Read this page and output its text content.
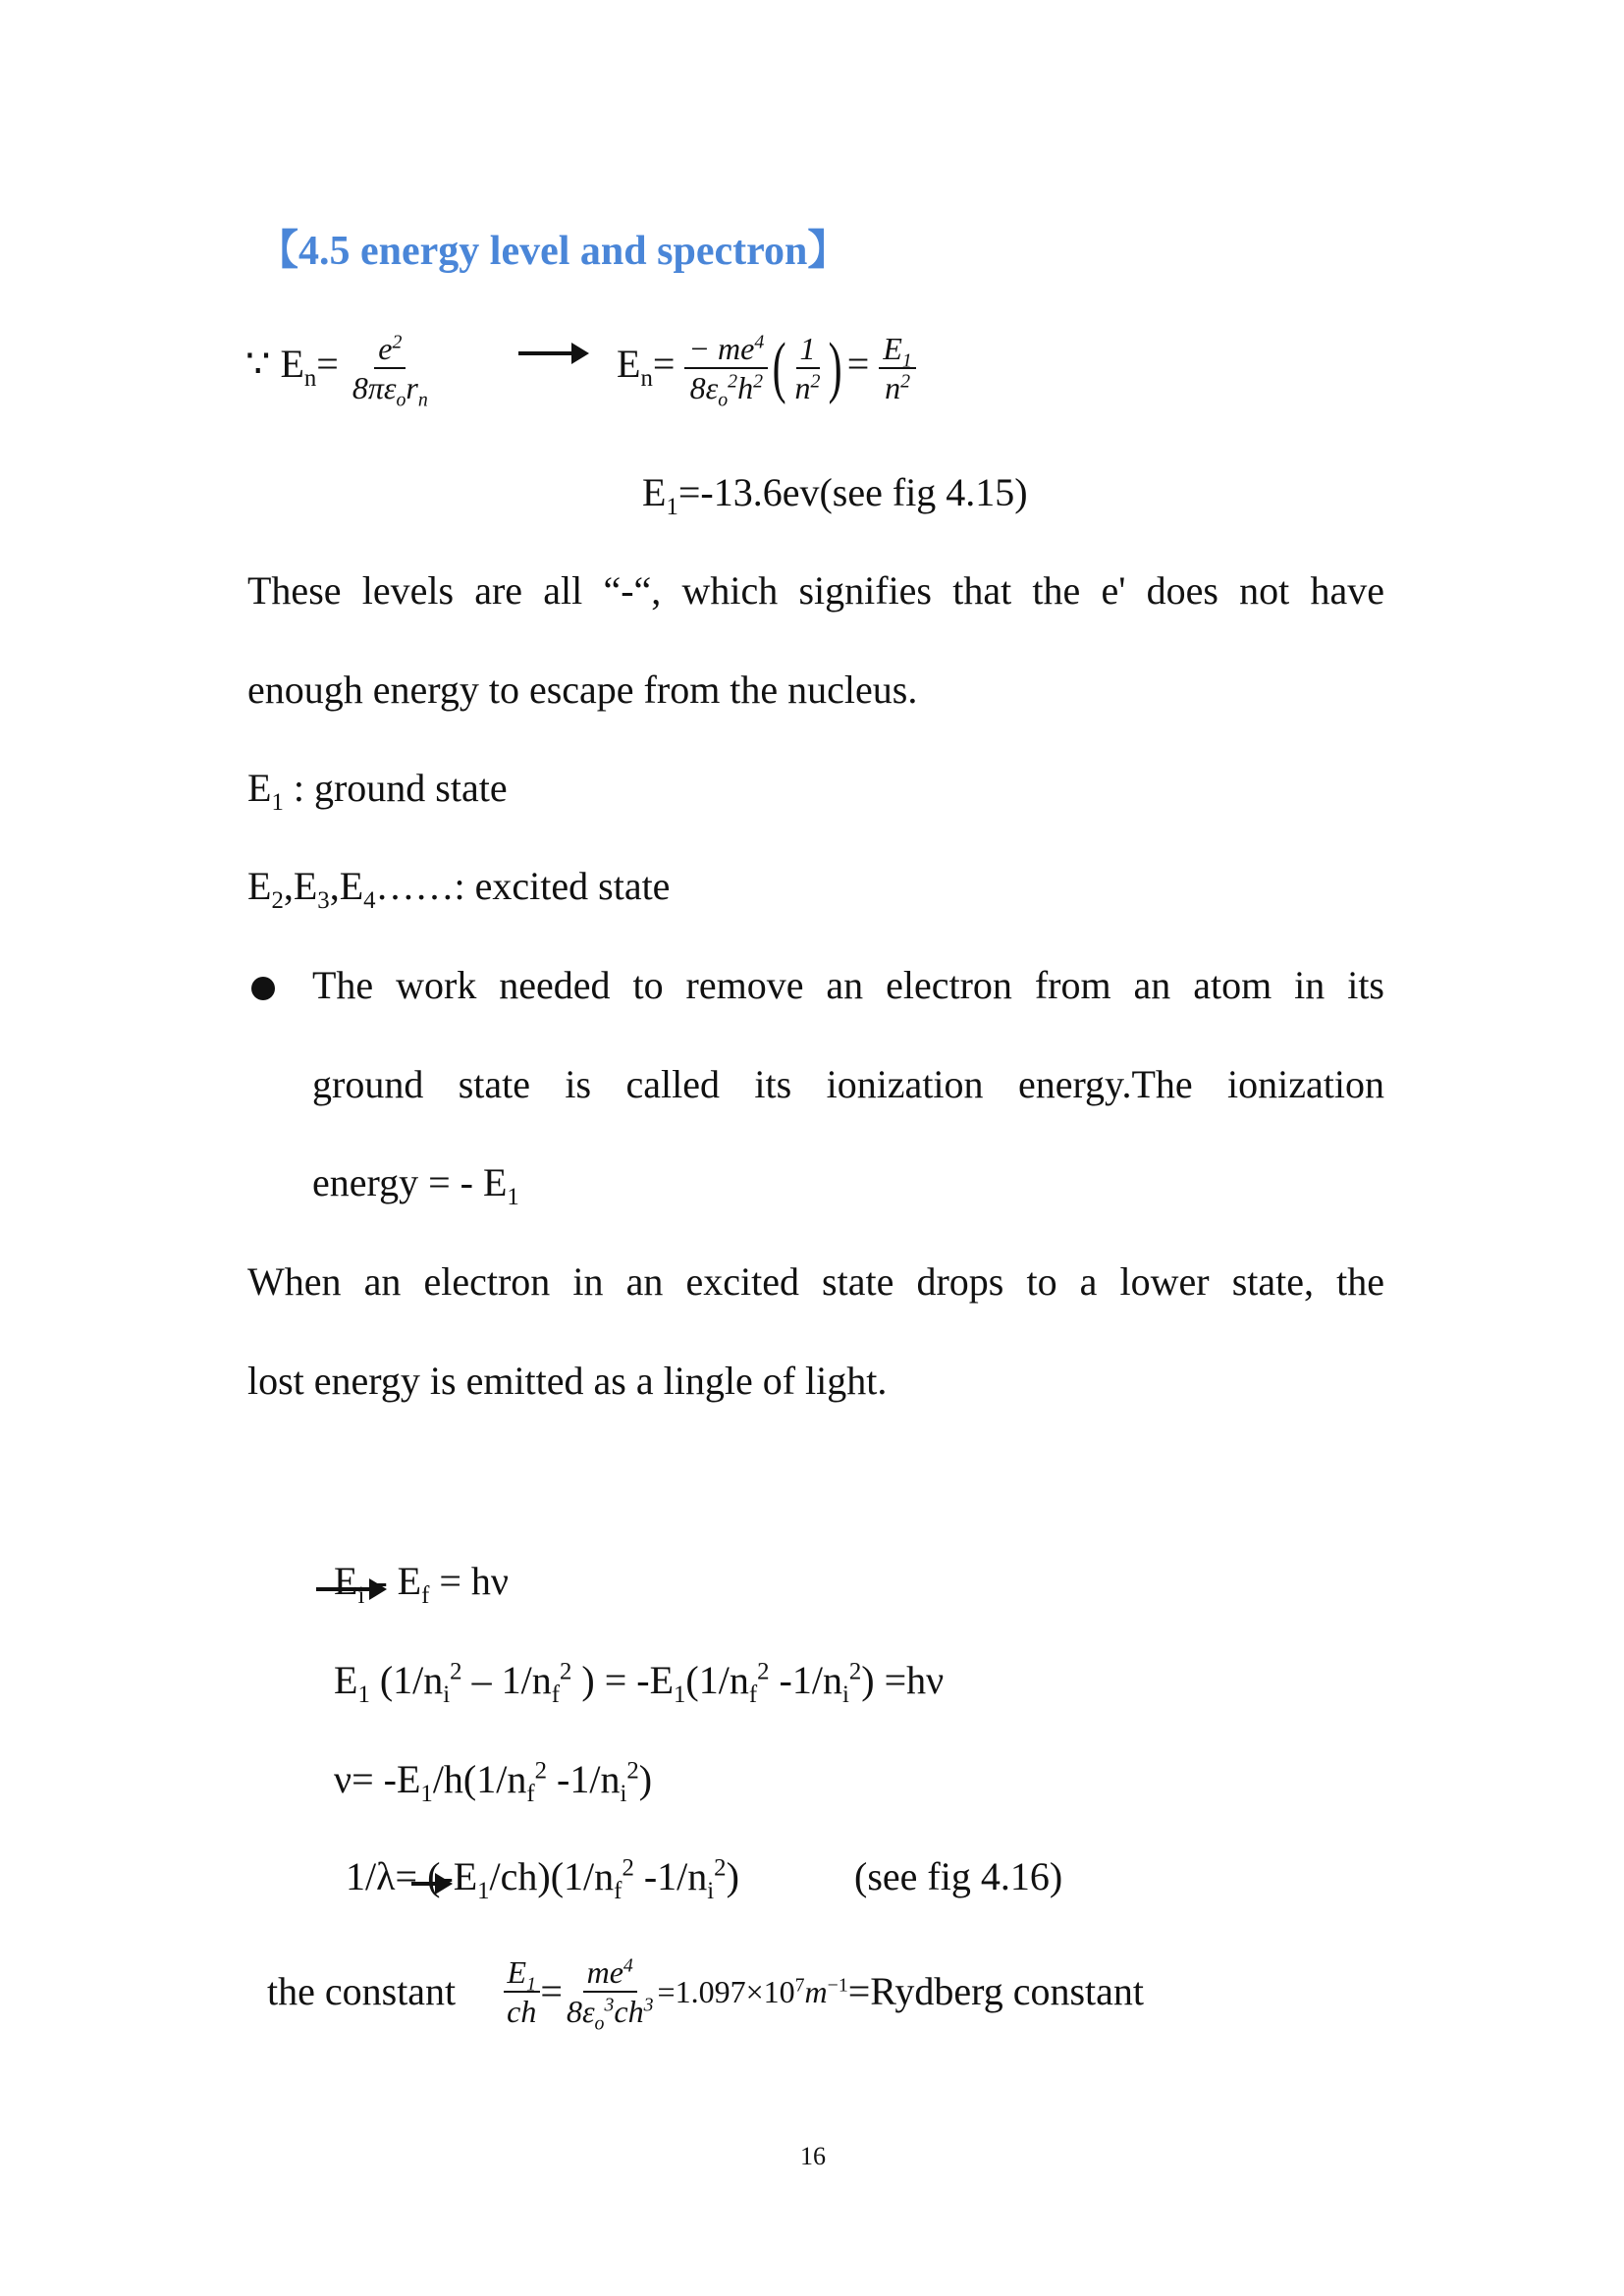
【4.5 energy level and spectron】
∵ $E_n= \frac{e^2}{8\pi\varepsilon_or_n}$
	$E_n= \frac{- me^4}{8\varepsilon_o^2h^2}$ ( $\frac{1}{n^2}$ ) = $\frac{E_1}{n^2}$
$E_1=-13.6ev(see$ fig 4.15)
These levels are all “-“, which signifies that the e' does not have
enough energy to escape from the nucleus.
$E_1$ : ground state
$E_2,E_3,E_4\dots\dots$: excited state
The work needed to remove an electron from an atom in its
ground state is called its ionization energy.The ionization
energy = - $E_1$
When an electron in an excited state drops to a lower state, the
lost energy is emitted as a lingle of light.

$E_i - E_f = h\nu$
$E_1$ ($1/n_i^2 - 1/n_f^2$ ) = $-E_1(1/n_f^2$ $-1/n_i^2) =h\nu$
$\nu= -E_1/h(1/n_f^2$ $-1/n_i^2$)
$1/\lambda= (-E_1/ch)(1/n_f^2$ $-1/n_i^2$)	(see fig 4.16)
the constant $\frac{E_1}{ch} = \frac{me^4}{8\varepsilon_o^3ch^3} =1.097\times 10^7m^{-1}$ =Rydberg constant
16
